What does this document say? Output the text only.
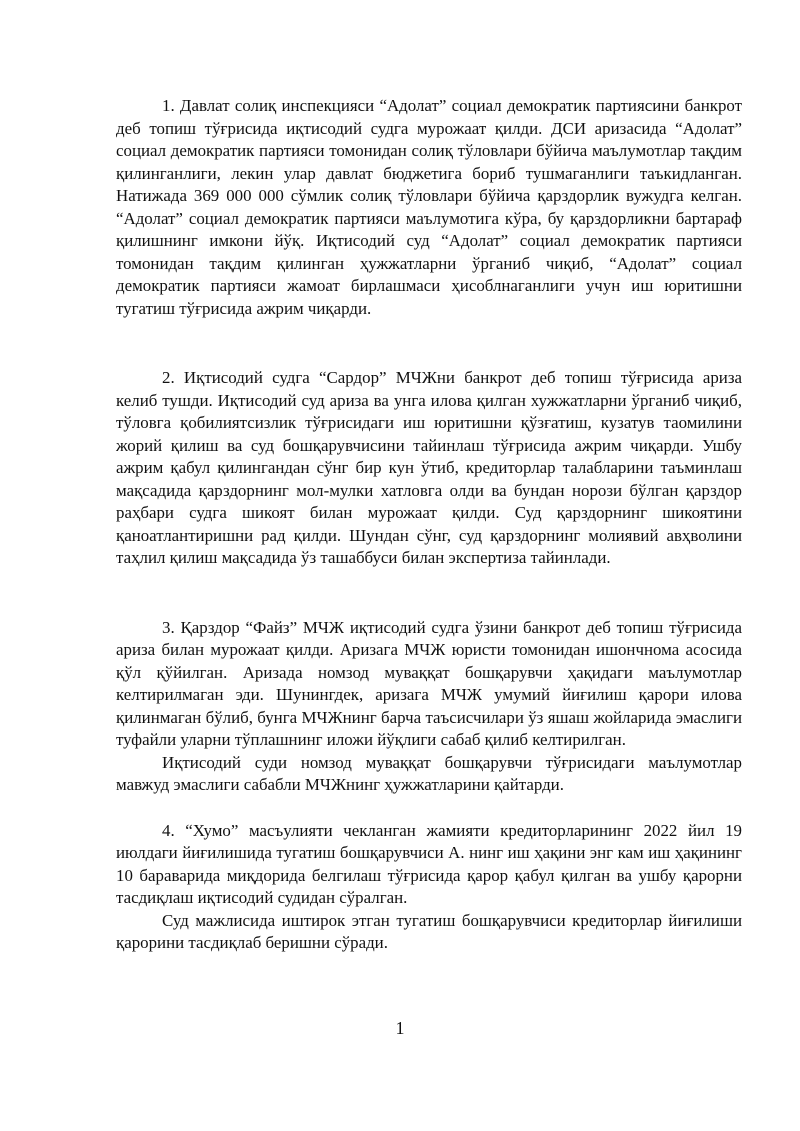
1. Давлат солиқ инспекцияси “Адолат” социал демократик партиясини банкрот деб топиш тўғрисида иқтисодий судга мурожаат қилди. ДСИ аризасида “Адолат” социал демократик партияси томонидан солиқ тўловлари бўйича маълумотлар тақдим қилинганлиги, лекин улар давлат бюджетига бориб тушмаганлиги таъкидланган. Натижада 369 000 000 сўмлик солиқ тўловлари бўйича қарздорлик вужудга келган. “Адолат” социал демократик партияси маълумотига кўра, бу қарздорликни бартараф қилишнинг имкони йўқ. Иқтисодий суд “Адолат” социал демократик партияси томонидан тақдим қилинган ҳужжатларни ўрганиб чиқиб, “Адолат” социал демократик партияси жамоат бирлашмаси ҳисоблнаганлиги учун иш юритишни тугатиш тўғрисида ажрим чиқарди.

2. Иқтисодий судга “Сардор” МЧЖни банкрот деб топиш тўғрисида ариза келиб тушди. Иқтисодий суд ариза ва унга илова қилган хужжатларни ўрганиб чиқиб, тўловга қобилиятсизлик тўғрисидаги иш юритишни қўзғатиш, кузатув таомилини жорий қилиш ва суд бошқарувчисини тайинлаш тўғрисида ажрим чиқарди. Ушбу ажрим қабул қилингандан сўнг бир кун ўтиб, кредиторлар талабларини таъминлаш мақсадида қарздорнинг мол-мулки хатловга олди ва бундан норози бўлган қарздор раҳбари судга шикоят билан мурожаат қилди. Суд қарздорнинг шикоятини қаноатлантиришни рад қилди. Шундан сўнг, суд қарздорнинг молиявий авҳволини таҳлил қилиш мақсадида ўз ташаббуси билан экспертиза тайинлади.

3. Қарздор “Файз” МЧЖ иқтисодий судга ўзини банкрот деб топиш тўғрисида ариза билан мурожаат қилди. Аризага МЧЖ юристи томонидан ишончнома асосида қўл қўйилган. Аризада номзод муваққат бошқарувчи ҳақидаги маълумотлар келтирилмаган эди. Шунингдек, аризага МЧЖ умумий йиғилиш қарори илова қилинмаган бўлиб, бунга МЧЖнинг барча таъсисчилари ўз яшаш жойларида эмаслиги туфайли уларни тўплашнинг иложи йўқлиги сабаб қилиб келтирилган.

Иқтисодий суди номзод муваққат бошқарувчи тўғрисидаги маълумотлар мавжуд эмаслиги сабабли МЧЖнинг ҳужжатларини қайтарди.

4. “Хумо” масъулияти чекланган жамияти кредиторларининг 2022 йил 19 июлдаги йиғилишида тугатиш бошқарувчиси А. нинг иш ҳақини энг кам иш ҳақининг 10 бараварида миқдорида белгилаш тўғрисида қарор қабул қилган ва ушбу қарорни тасдиқлаш иқтисодий судидан сўралган.

Суд мажлисида иштирок этган тугатиш бошқарувчиси кредиторлар йиғилиши қарорини тасдиқлаб беришни сўради.

1
